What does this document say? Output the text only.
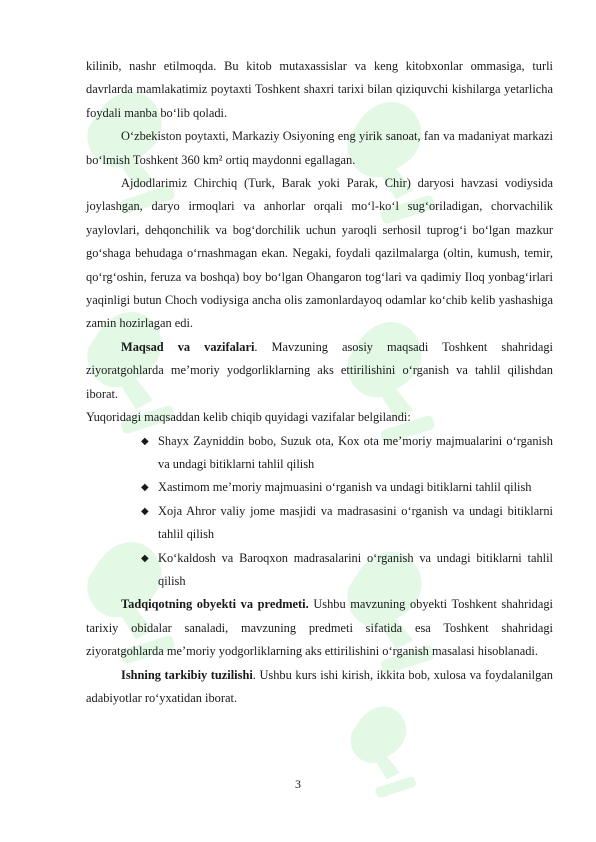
kilinib, nashr etilmoqda. Bu kitob mutaxassislar va keng kitobxonlar ommasiga, turli davrlarda mamlakatimiz poytaxti Toshkent shaxri tarixi bilan qiziquvchi kishilarga yetarlicha foydali manba bo‘lib qoladi.

O‘zbekiston poytaxti, Markaziy Osiyoning eng yirik sanoat, fan va madaniyat markazi bo‘lmish Toshkent 360 km² ortiq maydonni egallagan.

Ajdodlarimiz Chirchiq (Turk, Barak yoki Parak, Chir) daryosi havzasi vodiysida joylashgan, daryo irmoqlari va anhorlar orqali mo‘l-ko‘l sug‘oriladigan, chorvachilik yaylovlari, dehqonchilik va bog‘dorchilik uchun yaroqli serhosil tuprog‘i bo‘lgan mazkur go‘shaga behudaga o‘rnashmagan ekan. Negaki, foydali qazilmalarga (oltin, kumush, temir, qo‘rg‘oshin, feruza va boshqa) boy bo‘lgan Ohangaron tog‘lari va qadimiy Iloq yonbag‘irlari yaqinligi butun Choch vodiysiga ancha olis zamonlardayoq odamlar ko‘chib kelib yashashiga zamin hozirlagan edi.

Maqsad va vazifalari. Mavzuning asosiy maqsadi Toshkent shahridagi ziyoratgohlarda me’moriy yodgorliklarning aks ettirilishini o‘rganish va tahlil qilishdan iborat.

Yuqoridagi maqsaddan kelib chiqib quyidagi vazifalar belgilandi:

◆ Shayx Zayniddin bobo, Suzuk ota, Kox ota me’moriy majmualarini o‘rganish va undagi bitiklarni tahlil qilish
◆ Xastimom me’moriy majmuasini o‘rganish va undagi bitiklarni tahlil qilish
◆ Xoja Ahror valiy jome masjidi va madrasasini o‘rganish va undagi bitiklarni tahlil qilish
◆ Ko‘kaldosh va Baroqxon madrasalarini o‘rganish va undagi bitiklarni tahlil qilish

Tadqiqotning obyekti va predmeti. Ushbu mavzuning obyekti Toshkent shahridagi tarixiy obidalar sanaladi, mavzuning predmeti sifatida esa Toshkent shahridagi ziyoratgohlarda me’moriy yodgorliklarning aks ettirilishini o‘rganish masalasi hisoblanadi.

Ishning tarkibiy tuzilishi. Ushbu kurs ishi kirish, ikkita bob, xulosa va foydalanilgan adabiyotlar ro‘yxatidan iborat.

3
